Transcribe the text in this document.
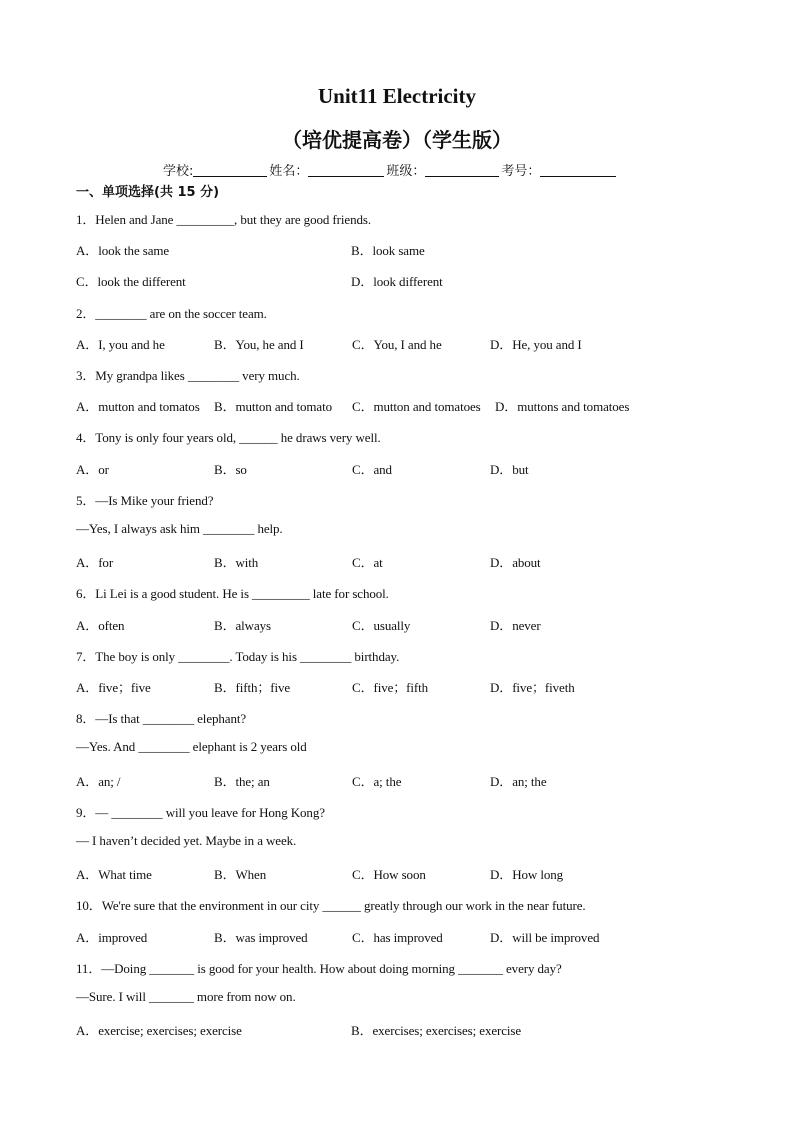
Unit11 Electricity
（培优提高卷）（学生版）
学校:	姓名：	班级：	考号：
一、单项选择(共 15 分)
1．Helen and Jane _________, but they are good friends.
A．look the same	B．look same
C．look the different	D．look different
2．________ are on the soccer team.
A．I, you and he	B．You, he and I	C．You, I and he	D．He, you and I
3．My grandpa likes ________ very much.
A．mutton and tomatos B．mutton and tomato C．mutton and tomatoes D．muttons and tomatoes
4．Tony is only four years old, ______ he draws very well.
A．or	B．so	C．and	D．but
5．—Is Mike your friend?
—Yes, I always ask him ________ help.
A．for	B．with	C．at	D．about
6．Li Lei is a good student. He is _________ late for school.
A．often	B．always	C．usually	D．never
7．The boy is only ________. Today is his ________ birthday.
A．five；five	B．fifth；five	C．five；fifth	D．five；fiveth
8．—Is that ________ elephant?
—Yes. And ________ elephant is 2 years old
A．an; /	B．the; an	C．a; the	D．an; the
9．— ________ will you leave for Hong Kong?
— I haven’t decided yet. Maybe in a week.
A．What time	B．When	C．How soon	D．How long
10．We're sure that the environment in our city ______ greatly through our work in the near future.
A．improved	B．was improved	C．has improved	D．will be improved
11．—Doing _______ is good for your health. How about doing morning _______ every day?
—Sure. I will _______ more from now on.
A．exercise; exercises; exercise	B．exercises; exercises; exercise
